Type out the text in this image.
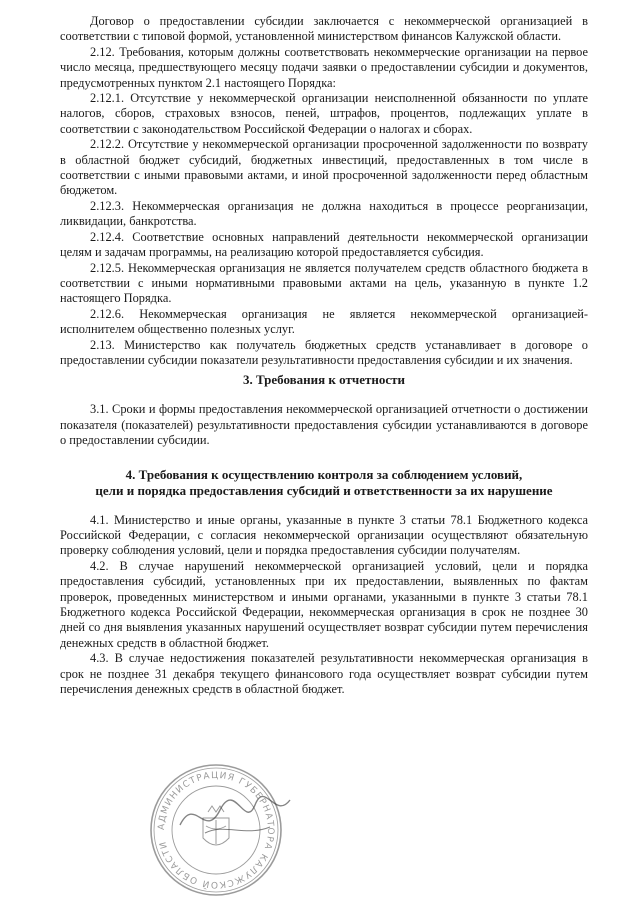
Договор о предоставлении субсидии заключается с некоммерческой организацией в соответствии с типовой формой, установленной министерством финансов Калужской области.

2.12. Требования, которым должны соответствовать некоммерческие организации на первое число месяца, предшествующего месяцу подачи заявки о предоставлении субсидии и документов, предусмотренных пунктом 2.1 настоящего Порядка:

2.12.1. Отсутствие у некоммерческой организации неисполненной обязанности по уплате налогов, сборов, страховых взносов, пеней, штрафов, процентов, подлежащих уплате в соответствии с законодательством Российской Федерации о налогах и сборах.

2.12.2. Отсутствие у некоммерческой организации просроченной задолженности по возврату в областной бюджет субсидий, бюджетных инвестиций, предоставленных в том числе в соответствии с иными правовыми актами, и иной просроченной задолженности перед областным бюджетом.

2.12.3. Некоммерческая организация не должна находиться в процессе реорганизации, ликвидации, банкротства.

2.12.4. Соответствие основных направлений деятельности некоммерческой организации целям и задачам программы, на реализацию которой предоставляется субсидия.

2.12.5. Некоммерческая организация не является получателем средств областного бюджета в соответствии с иными нормативными правовыми актами на цель, указанную в пункте 1.2 настоящего Порядка.

2.12.6. Некоммерческая организация не является некоммерческой организацией-исполнителем общественно полезных услуг.

2.13. Министерство как получатель бюджетных средств устанавливает в договоре о предоставлении субсидии показатели результативности предоставления субсидии и их значения.

3. Требования к отчетности

3.1. Сроки и формы предоставления некоммерческой организацией отчетности о достижении показателя (показателей) результативности предоставления субсидии устанавливаются в договоре о предоставлении субсидии.

4. Требования к осуществлению контроля за соблюдением условий,
цели и порядка предоставления субсидий и ответственности за их нарушение

4.1. Министерство и иные органы, указанные в пункте 3 статьи 78.1 Бюджетного кодекса Российской Федерации, с согласия некоммерческой организации осуществляют обязательную проверку соблюдения условий, цели и порядка предоставления субсидии получателям.

4.2. В случае нарушений некоммерческой организацией условий, цели и порядка предоставления субсидий, установленных при их предоставлении, выявленных по фактам проверок, проведенных министерством и иными органами, указанными в пункте 3 статьи 78.1 Бюджетного кодекса Российской Федерации, некоммерческая организация в срок не позднее 30 дней со дня выявления указанных нарушений осуществляет возврат субсидии путем перечисления денежных средств в областной бюджет.

4.3. В случае недостижения показателей результативности некоммерческая организация в срок не позднее 31 декабря текущего финансового года осуществляет возврат субсидии путем перечисления денежных средств в областной бюджет.

АДМИНИСТРАЦИЯ ГУБЕРНАТОРА КАЛУЖСКОЙ ОБЛАСТИ
